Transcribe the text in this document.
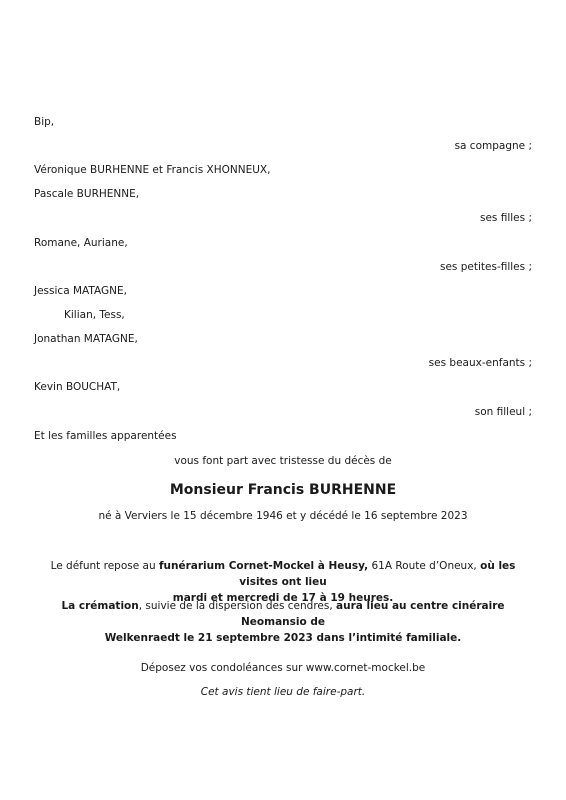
Bip,
sa compagne ;
Véronique BURHENNE et Francis XHONNEUX,
Pascale BURHENNE,
ses filles ;
Romane, Auriane,
ses petites-filles ;
Jessica MATAGNE,
Kilian, Tess,
Jonathan MATAGNE,
ses beaux-enfants ;
Kevin BOUCHAT,
son filleul ;
Et les familles apparentées
vous font part avec tristesse du décès de
Monsieur Francis BURHENNE
né à Verviers le 15 décembre 1946 et y décédé le 16 septembre 2023
Le défunt repose au funérarium Cornet-Mockel à Heusy, 61A Route d’Oneux, où les visites ont lieu
mardi et mercredi de 17 à 19 heures.
La crémation, suivie de la dispersion des cendres, aura lieu au centre cinéraire Neomansio de
Welkenraedt le 21 septembre 2023 dans l’intimité familiale.
Déposez vos condoléances sur www.cornet-mockel.be
Cet avis tient lieu de faire-part.
